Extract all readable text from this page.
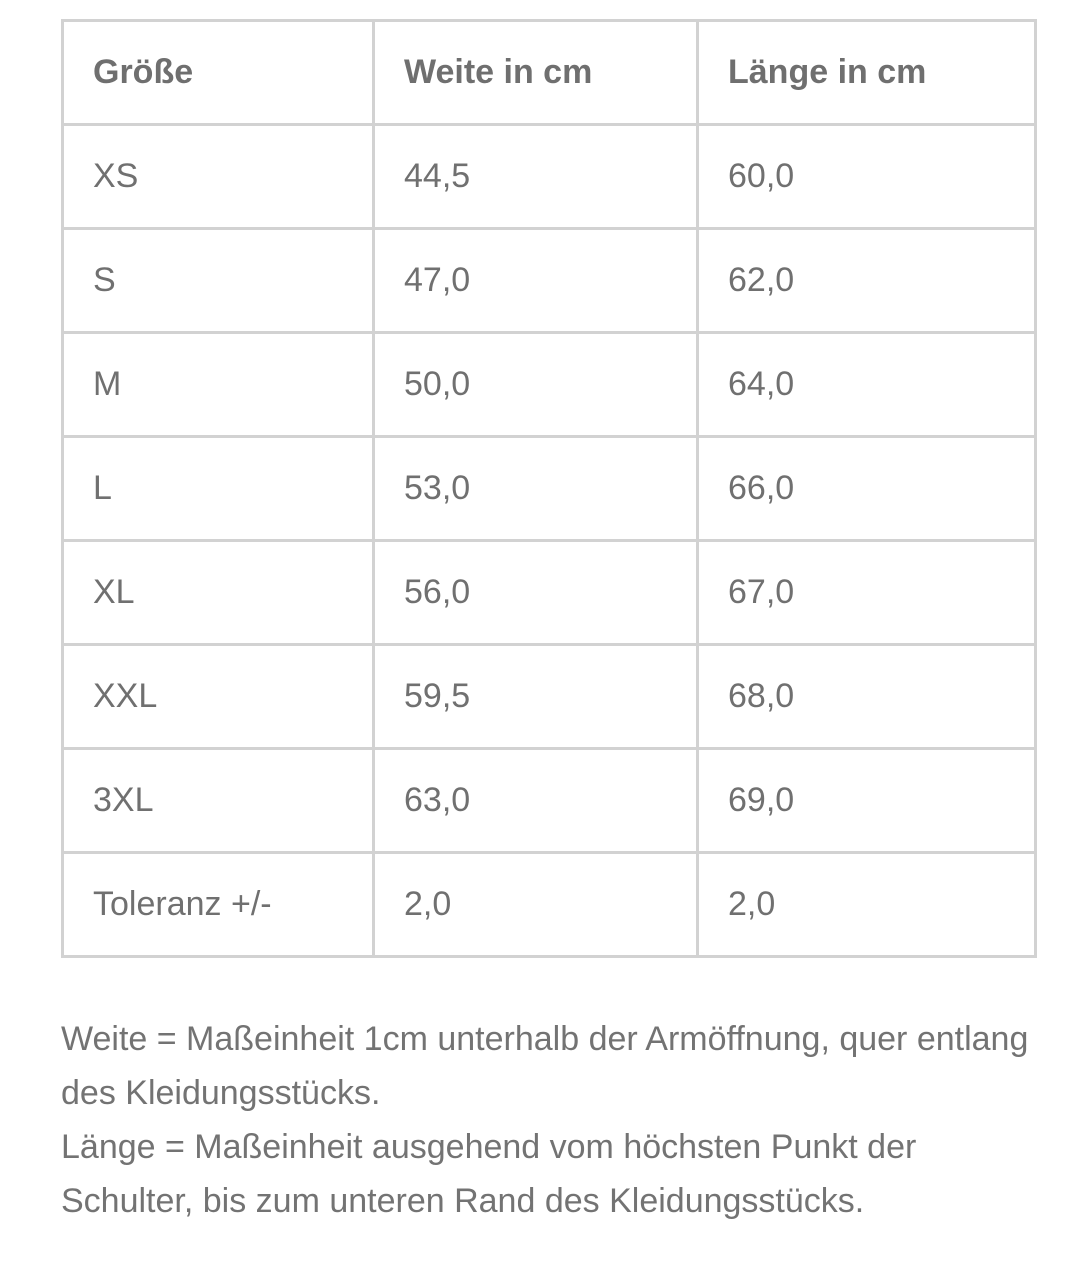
Größe	Weite in cm	Länge in cm
XS	44,5	60,0
S	47,0	62,0
M	50,0	64,0
L	53,0	66,0
XL	56,0	67,0
XXL	59,5	68,0
3XL	63,0	69,0
Toleranz +/-	2,0	2,0

Weite = Maßeinheit 1cm unterhalb der Armöffnung, quer entlang des Kleidungsstücks.

Länge = Maßeinheit ausgehend vom höchsten Punkt der Schulter, bis zum unteren Rand des Kleidungsstücks.
